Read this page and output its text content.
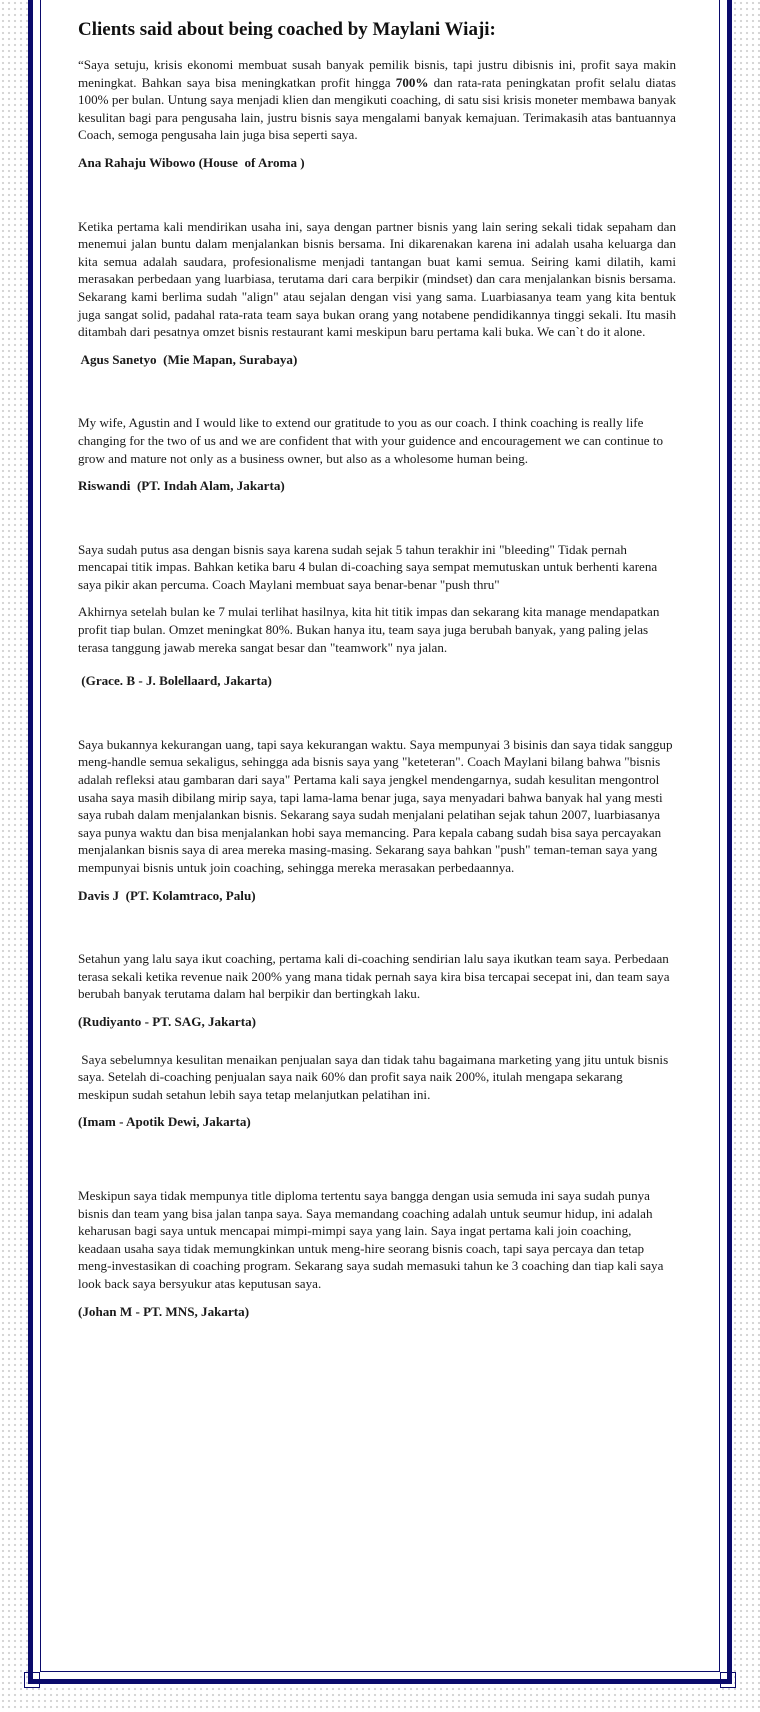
Clients said about being coached by Maylani Wiaji:

“Saya setuju, krisis ekonomi membuat susah banyak pemilik bisnis, tapi justru dibisnis ini, profit saya makin meningkat. Bahkan saya bisa meningkatkan profit hingga 700% dan rata-rata peningkatan profit selalu diatas 100% per bulan. Untung saya menjadi klien dan mengikuti coaching, di satu sisi krisis moneter membawa banyak kesulitan bagi para pengusaha lain, justru bisnis saya mengalami banyak kemajuan. Terimakasih atas bantuannya Coach, semoga pengusaha lain juga bisa seperti saya.

Ana Rahaju Wibowo (House  of Aroma )

Ketika pertama kali mendirikan usaha ini, saya dengan partner bisnis yang lain sering sekali tidak sepaham dan menemui jalan buntu dalam menjalankan bisnis bersama. Ini dikarenakan karena ini adalah usaha keluarga dan kita semua adalah saudara, profesionalisme menjadi tantangan buat kami semua. Seiring kami dilatih, kami merasakan perbedaan yang luarbiasa, terutama dari cara berpikir (mindset) dan cara menjalankan bisnis bersama. Sekarang kami berlima sudah "align" atau sejalan dengan visi yang sama. Luarbiasanya team yang kita bentuk juga sangat solid, padahal rata-rata team saya bukan orang yang notabene pendidikannya tinggi sekali. Itu masih ditambah dari pesatnya omzet bisnis restaurant kami meskipun baru pertama kali buka. We can`t do it alone.

Agus Sanetyo  (Mie Mapan, Surabaya)

My wife, Agustin and I would like to extend our gratitude to you as our coach. I think coaching is really life changing for the two of us and we are confident that with your guidence and encouragement we can continue to grow and mature not only as a business owner, but also as a wholesome human being.

Riswandi  (PT. Indah Alam, Jakarta)

Saya sudah putus asa dengan bisnis saya karena sudah sejak 5 tahun terakhir ini "bleeding" Tidak pernah mencapai titik impas. Bahkan ketika baru 4 bulan di-coaching saya sempat memutuskan untuk berhenti karena saya pikir akan percuma. Coach Maylani membuat saya benar-benar "push thru"

Akhirnya setelah bulan ke 7 mulai terlihat hasilnya, kita hit titik impas dan sekarang kita manage mendapatkan profit tiap bulan. Omzet meningkat 80%. Bukan hanya itu, team saya juga berubah banyak, yang paling jelas terasa tanggung jawab mereka sangat besar dan "teamwork" nya jalan.

(Grace. B - J. Bolellaard, Jakarta)

Saya bukannya kekurangan uang, tapi saya kekurangan waktu. Saya mempunyai 3 bisinis dan saya tidak sanggup meng-handle semua sekaligus, sehingga ada bisnis saya yang "keteteran". Coach Maylani bilang bahwa "bisnis adalah refleksi atau gambaran dari saya" Pertama kali saya jengkel mendengarnya, sudah kesulitan mengontrol usaha saya masih dibilang mirip saya, tapi lama-lama benar juga, saya menyadari bahwa banyak hal yang mesti saya rubah dalam menjalankan bisnis. Sekarang saya sudah menjalani pelatihan sejak tahun 2007, luarbiasanya saya punya waktu dan bisa menjalankan hobi saya memancing. Para kepala cabang sudah bisa saya percayakan menjalankan bisnis saya di area mereka masing-masing. Sekarang saya bahkan "push" teman-teman saya yang mempunyai bisnis untuk join coaching, sehingga mereka merasakan perbedaannya.

Davis J  (PT. Kolamtraco, Palu)

Setahun yang lalu saya ikut coaching, pertama kali di-coaching sendirian lalu saya ikutkan team saya. Perbedaan terasa sekali ketika revenue naik 200% yang mana tidak pernah saya kira bisa tercapai secepat ini, dan team saya berubah banyak terutama dalam hal berpikir dan bertingkah laku.

(Rudiyanto - PT. SAG, Jakarta)

Saya sebelumnya kesulitan menaikan penjualan saya dan tidak tahu bagaimana marketing yang jitu untuk bisnis saya. Setelah di-coaching penjualan saya naik 60% dan profit saya naik 200%, itulah mengapa sekarang meskipun sudah setahun lebih saya tetap melanjutkan pelatihan ini.

(Imam - Apotik Dewi, Jakarta)

Meskipun saya tidak mempunya title diploma tertentu saya bangga dengan usia semuda ini saya sudah punya bisnis dan team yang bisa jalan tanpa saya. Saya memandang coaching adalah untuk seumur hidup, ini adalah keharusan bagi saya untuk mencapai mimpi-mimpi saya yang lain. Saya ingat pertama kali join coaching, keadaan usaha saya tidak memungkinkan untuk meng-hire seorang bisnis coach, tapi saya percaya dan tetap meng-investasikan di coaching program. Sekarang saya sudah memasuki tahun ke 3 coaching dan tiap kali saya look back saya bersyukur atas keputusan saya.

(Johan M - PT. MNS, Jakarta)
